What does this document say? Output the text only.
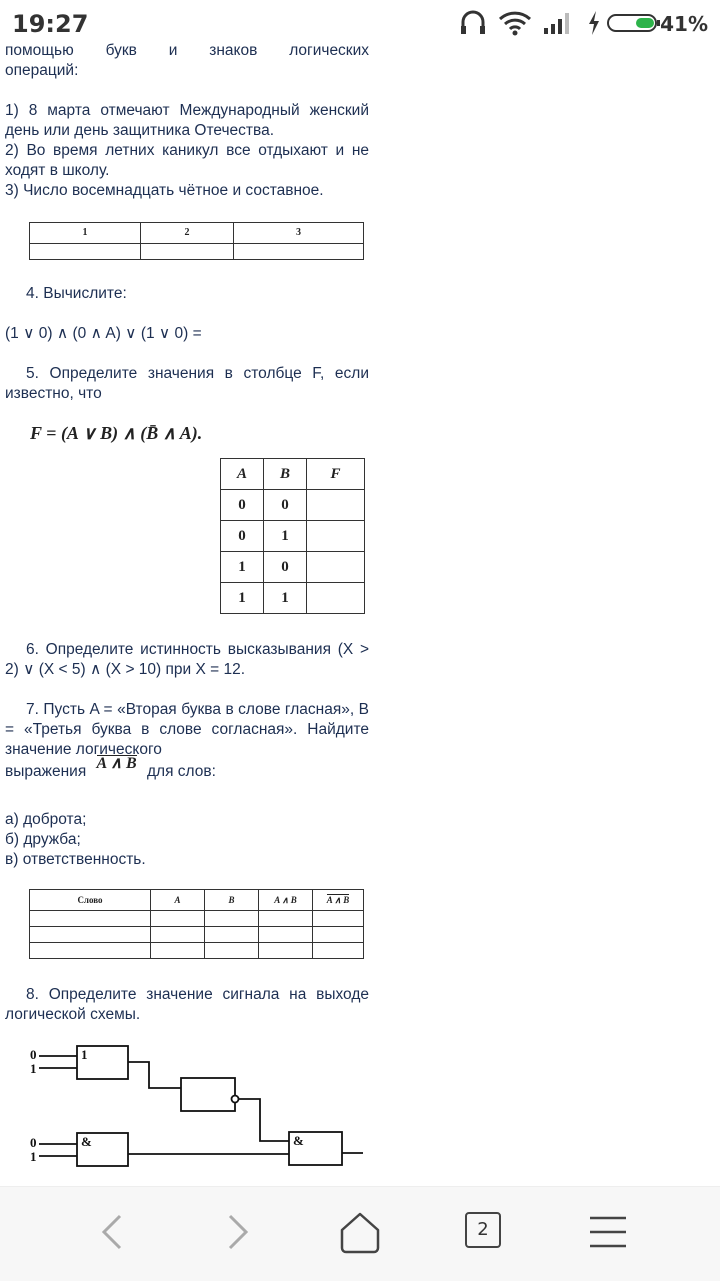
19:27	41%
помощью букв и знаков логических
операций:
1) 8 марта отмечают Международный женский день или день защитника Отечества.
2) Во время летних каникул все отдыхают и не ходят в школу.
3) Число восемнадцать чётное и составное.
1	2	3

4. Вычислите:
(1 ∨ 0) ∧ (0 ∧ A) ∨ (1 ∨ 0) =
5. Определите значения в столбце F, если известно, что
F = (A ∨ B) ∧ (B̄ ∧ A).
A	B	F
0	0	
0	1	
1	0	
1	1	
6. Определите истинность высказывания (X > 2) ∨ (X < 5) ∧ (X > 10) при X = 12.
7. Пусть A = «Вторая буква в слове гласная», B = «Третья буква в слове согласная». Найдите значение логического
выражения A ∧ B для слов:
а) доброта;
б) дружба;
в) ответственность.
Слово	A	B	A ∧ B	A ∧ B

8. Определите значение сигнала на выходе логической схемы.
0
1
0
1
1
&	&
2
